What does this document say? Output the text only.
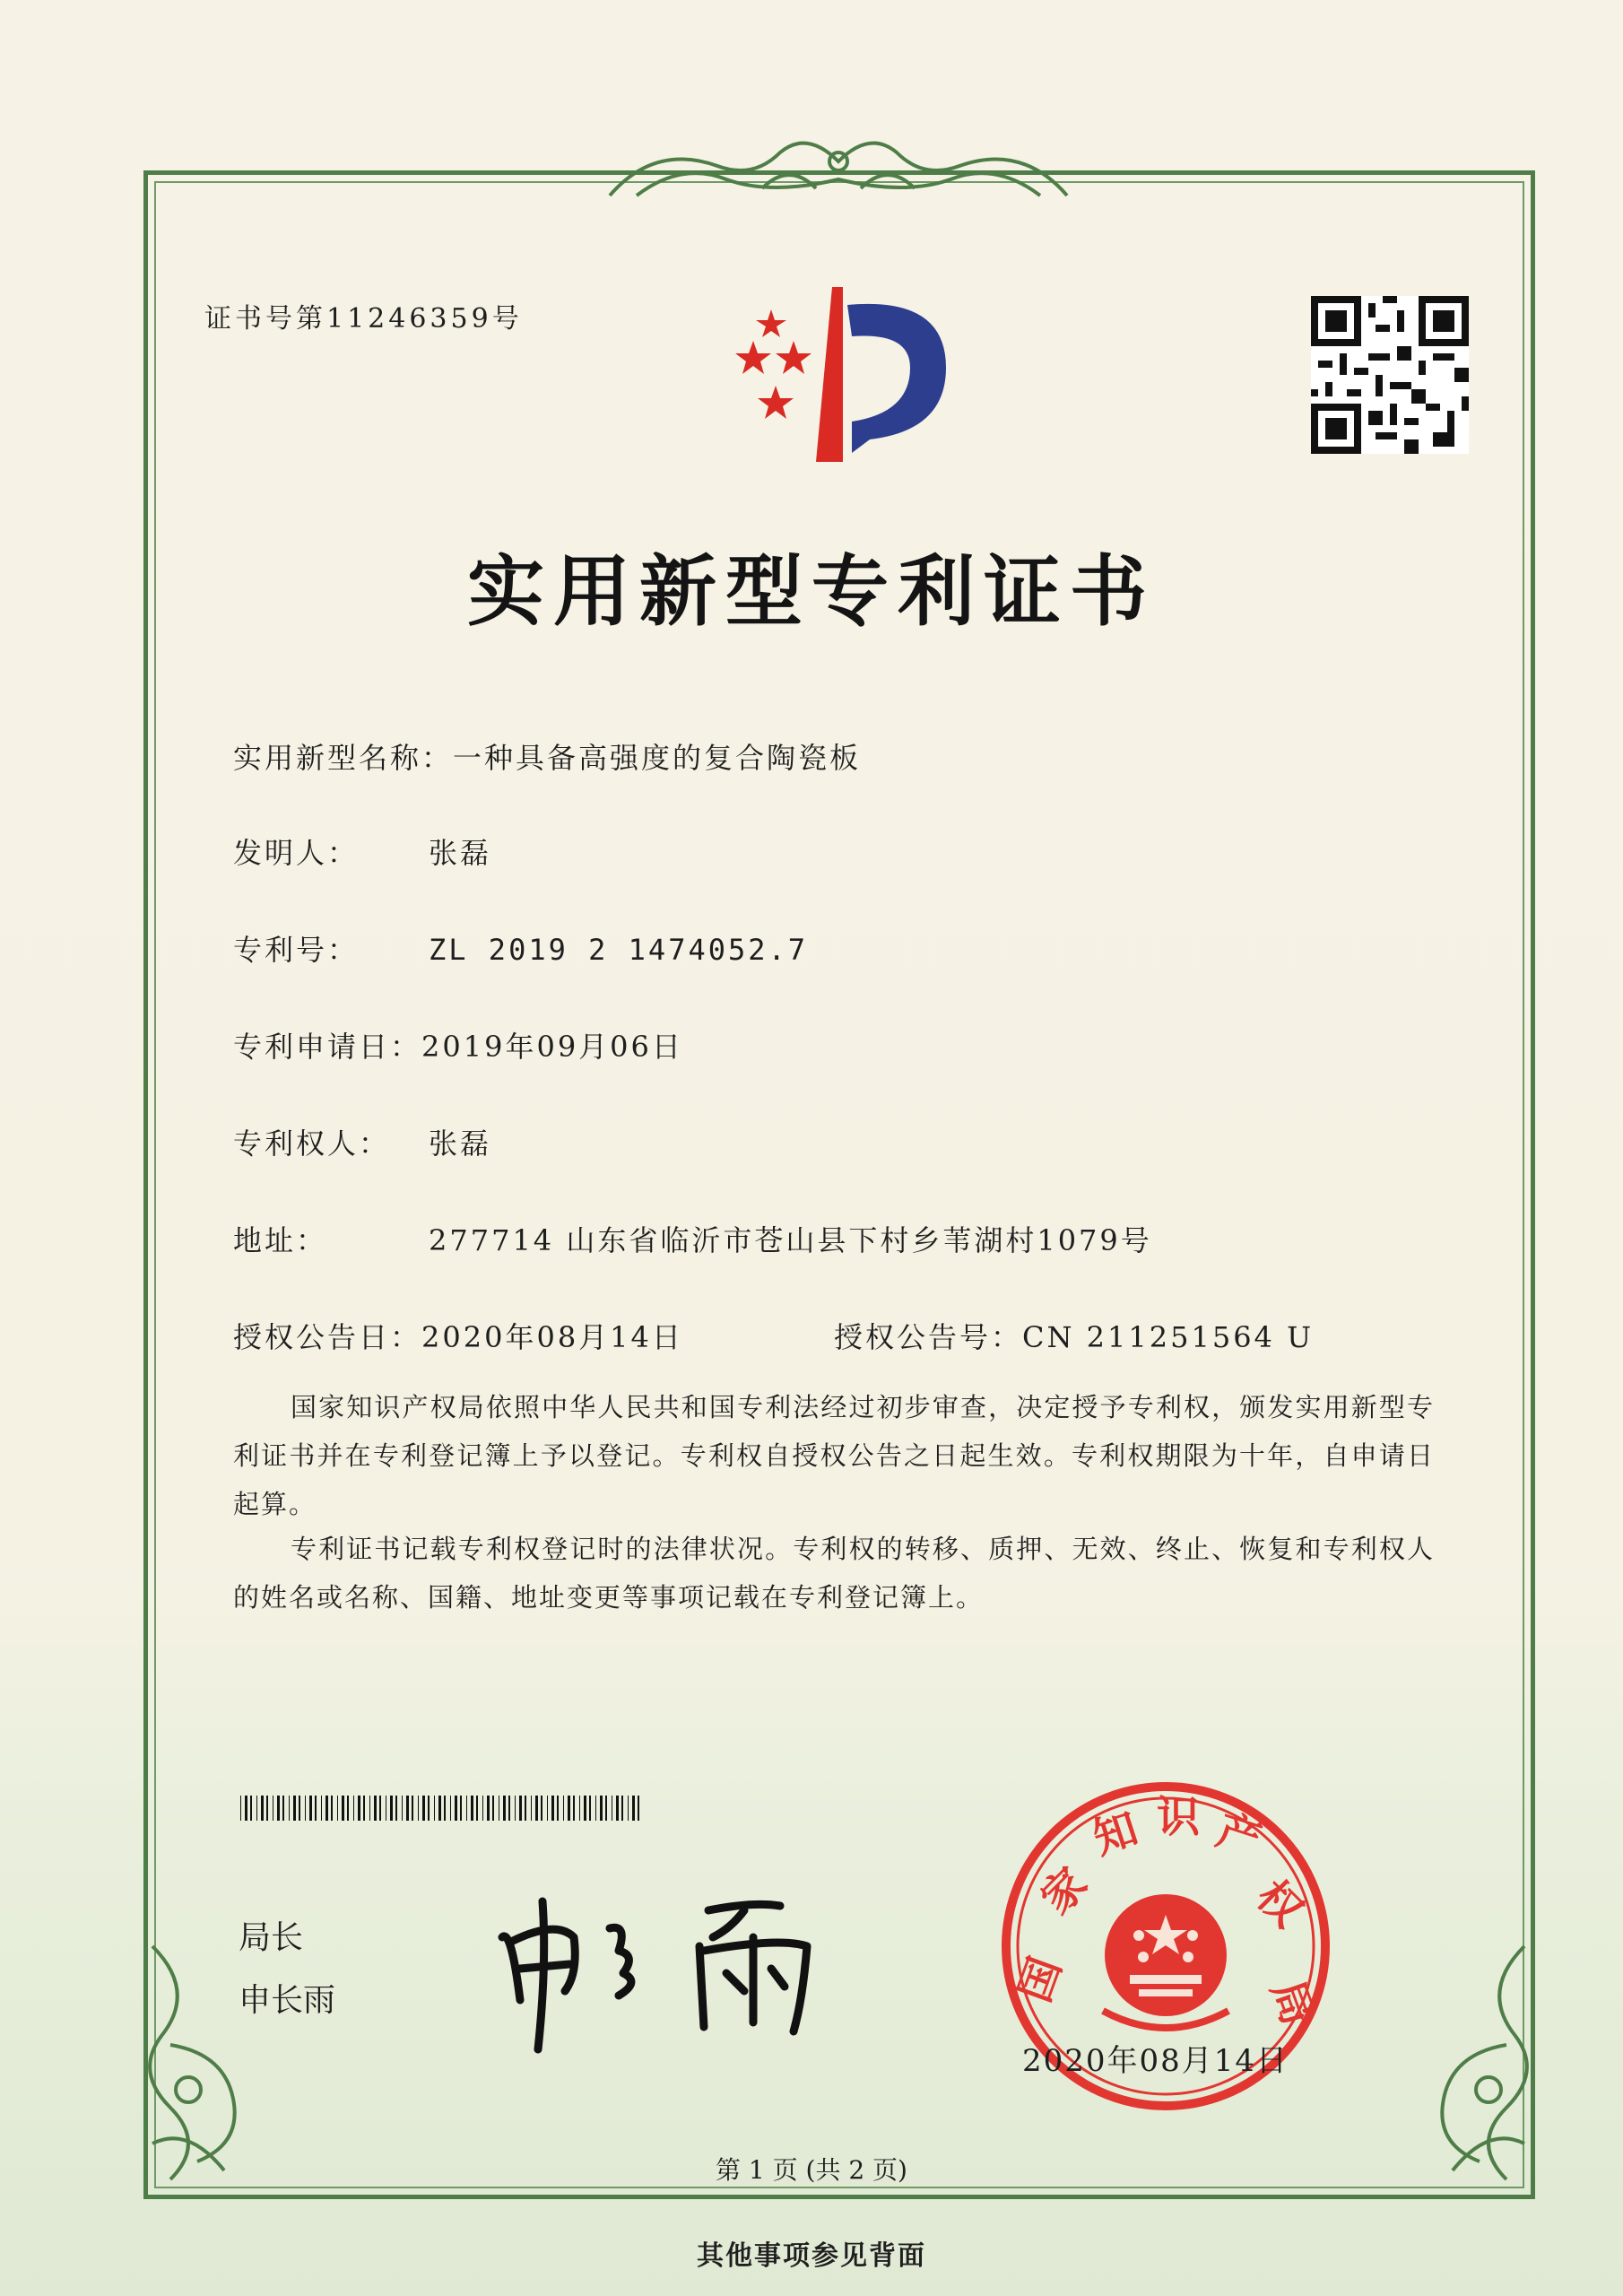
证书号第11246359号
实用新型专利证书
实用新型名称：一种具备高强度的复合陶瓷板
发明人： 张磊
专利号： ZL 2019 2 1474052.7
专利申请日：2019年09月06日
专利权人： 张磊
地址：	277714 山东省临沂市苍山县下村乡苇湖村1079号
授权公告日：2020年08月14日	授权公告号：CN 211251564 U
国家知识产权局依照中华人民共和国专利法经过初步审查，决定授予专利权，颁发实用新型专利证书并在专利登记簿上予以登记。专利权自授权公告之日起生效。专利权期限为十年，自申请日起算。
专利证书记载专利权登记时的法律状况。专利权的转移、质押、无效、终止、恢复和专利权人的姓名或名称、国籍、地址变更等事项记载在专利登记簿上。
局长
申长雨	国
家
知 识 产
权
局
2020年08月14日
第 1 页 (共 2 页)
其他事项参见背面
